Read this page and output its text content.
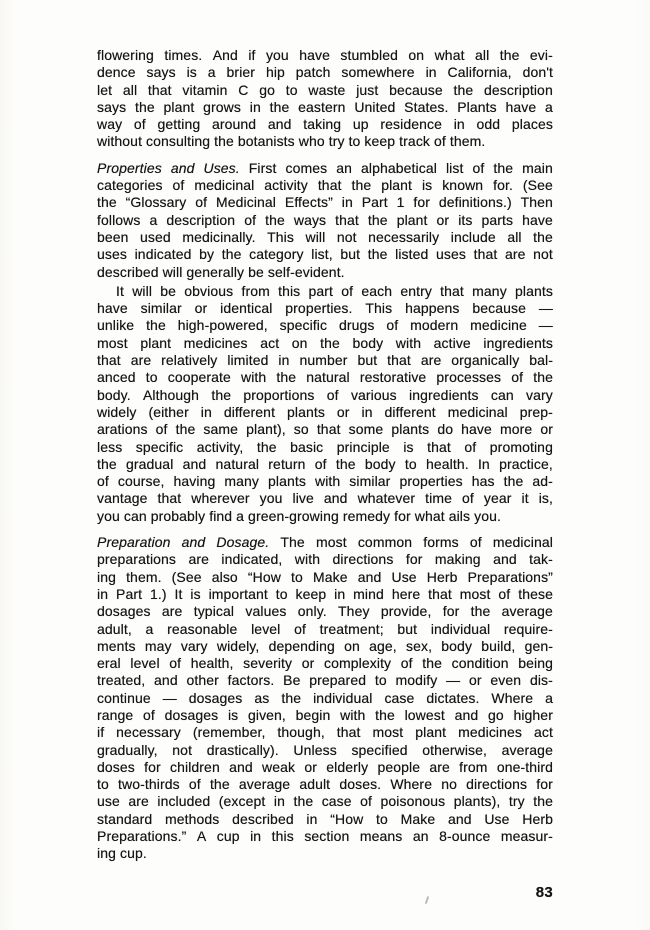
flowering times. And if you have stumbled on what all the evi-
dence says is a brier hip patch somewhere in California, don't
let all that vitamin C go to waste just because the description
says the plant grows in the eastern United States. Plants have a
way of getting around and taking up residence in odd places
without consulting the botanists who try to keep track of them.
Properties and Uses. First comes an alphabetical list of the main
categories of medicinal activity that the plant is known for. (See
the “Glossary of Medicinal Effects” in Part 1 for definitions.) Then
follows a description of the ways that the plant or its parts have
been used medicinally. This will not necessarily include all the
uses indicated by the category list, but the listed uses that are not
described will generally be self-evident.
It will be obvious from this part of each entry that many plants
have similar or identical properties. This happens because —
unlike the high-powered, specific drugs of modern medicine —
most plant medicines act on the body with active ingredients
that are relatively limited in number but that are organically bal-
anced to cooperate with the natural restorative processes of the
body. Although the proportions of various ingredients can vary
widely (either in different plants or in different medicinal prep-
arations of the same plant), so that some plants do have more or
less specific activity, the basic principle is that of promoting
the gradual and natural return of the body to health. In practice,
of course, having many plants with similar properties has the ad-
vantage that wherever you live and whatever time of year it is,
you can probably find a green-growing remedy for what ails you.
Preparation and Dosage. The most common forms of medicinal
preparations are indicated, with directions for making and tak-
ing them. (See also “How to Make and Use Herb Preparations”
in Part 1.) It is important to keep in mind here that most of these
dosages are typical values only. They provide, for the average
adult, a reasonable level of treatment; but individual require-
ments may vary widely, depending on age, sex, body build, gen-
eral level of health, severity or complexity of the condition being
treated, and other factors. Be prepared to modify — or even dis-
continue — dosages as the individual case dictates. Where a
range of dosages is given, begin with the lowest and go higher
if necessary (remember, though, that most plant medicines act
gradually, not drastically). Unless specified otherwise, average
doses for children and weak or elderly people are from one-third
to two-thirds of the average adult doses. Where no directions for
use are included (except in the case of poisonous plants), try the
standard methods described in “How to Make and Use Herb
Preparations.” A cup in this section means an 8-ounce measur-
ing cup.
83
